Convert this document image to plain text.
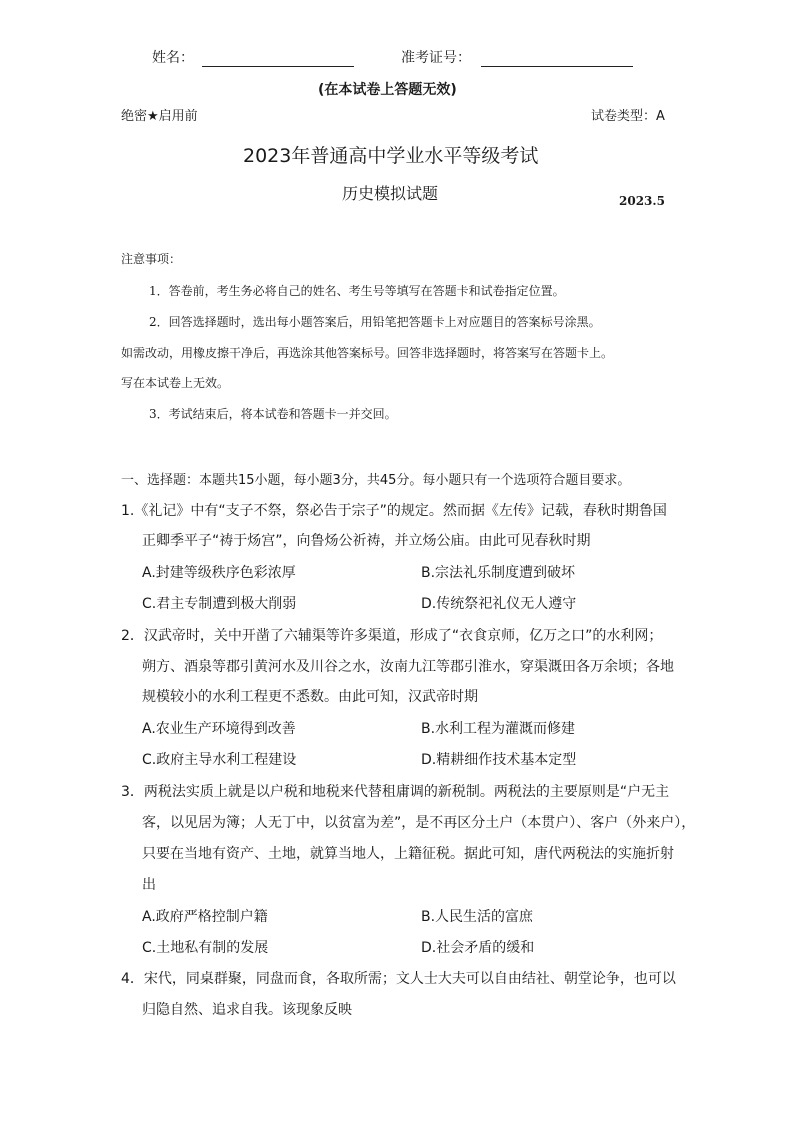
姓名：	准考证号：
(在本试卷上答题无效)
绝密★启用前	试卷类型：A
2023年普通高中学业水平等级考试
历史模拟试题	2023.5
注意事项：
1．答卷前，考生务必将自己的姓名、考生号等填写在答题卡和试卷指定位置。
2．回答选择题时，选出每小题答案后，用铅笔把答题卡上对应题目的答案标号涂黑。
如需改动，用橡皮擦干净后，再选涂其他答案标号。回答非选择题时，将答案写在答题卡上。
写在本试卷上无效。
3．考试结束后，将本试卷和答题卡一并交回。
一、选择题：本题共15小题，每小题3分，共45分。每小题只有一个选项符合题目要求。
1.《礼记》中有“支子不祭，祭必告于宗子”的规定。然而据《左传》记载，春秋时期鲁国
正卿季平子“祷于炀宫”，向鲁炀公祈祷，并立炀公庙。由此可见春秋时期
A.封建等级秩序色彩浓厚	B.宗法礼乐制度遭到破坏
C.君主专制遭到极大削弱	D.传统祭祀礼仪无人遵守
2．汉武帝时，关中开凿了六辅渠等许多渠道，形成了“衣食京师，亿万之口”的水利网；
朔方、酒泉等郡引黄河水及川谷之水，汝南九江等郡引淮水，穿渠溉田各万余顷；各地
规模较小的水利工程更不悉数。由此可知，汉武帝时期
A.农业生产环境得到改善	B.水利工程为灌溉而修建
C.政府主导水利工程建设	D.精耕细作技术基本定型
3．两税法实质上就是以户税和地税来代替租庸调的新税制。两税法的主要原则是“户无主
客，以见居为簿；人无丁中，以贫富为差”，是不再区分土户（本贯户）、客户（外来户），
只要在当地有资产、土地，就算当地人，上籍征税。据此可知，唐代两税法的实施折射
出
A.政府严格控制户籍	B.人民生活的富庶
C.土地私有制的发展	D.社会矛盾的缓和
4．宋代，同桌群聚，同盘而食，各取所需；文人士大夫可以自由结社、朝堂论争，也可以
归隐自然、追求自我。该现象反映
